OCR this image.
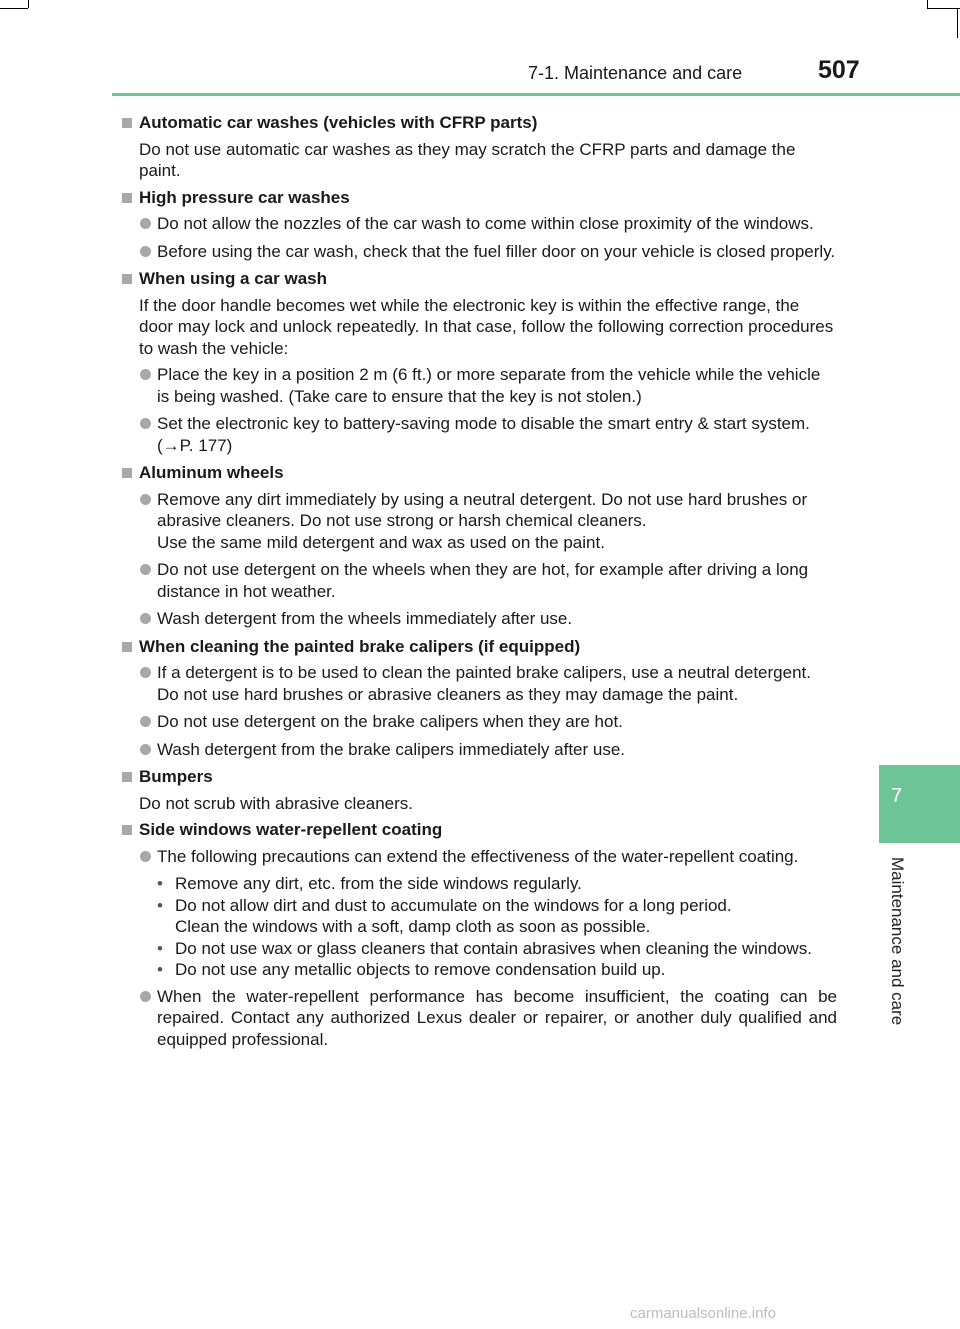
7-1. Maintenance and care	507
7
Maintenance and care
Automatic car washes (vehicles with CFRP parts)
Do not use automatic car washes as they may scratch the CFRP parts and damage the paint.
High pressure car washes
Do not allow the nozzles of the car wash to come within close proximity of the windows.
Before using the car wash, check that the fuel filler door on your vehicle is closed properly.
When using a car wash
If the door handle becomes wet while the electronic key is within the effective range, the door may lock and unlock repeatedly. In that case, follow the following correction procedures to wash the vehicle:
Place the key in a position 2 m (6 ft.) or more separate from the vehicle while the vehicle is being washed. (Take care to ensure that the key is not stolen.)
Set the electronic key to battery-saving mode to disable the smart entry & start system. (→P. 177)
Aluminum wheels
Remove any dirt immediately by using a neutral detergent. Do not use hard brushes or abrasive cleaners. Do not use strong or harsh chemical cleaners.
Use the same mild detergent and wax as used on the paint.
Do not use detergent on the wheels when they are hot, for example after driving a long distance in hot weather.
Wash detergent from the wheels immediately after use.
When cleaning the painted brake calipers (if equipped)
If a detergent is to be used to clean the painted brake calipers, use a neutral detergent. Do not use hard brushes or abrasive cleaners as they may damage the paint.
Do not use detergent on the brake calipers when they are hot.
Wash detergent from the brake calipers immediately after use.
Bumpers
Do not scrub with abrasive cleaners.
Side windows water-repellent coating
The following precautions can extend the effectiveness of the water-repellent coating.
• Remove any dirt, etc. from the side windows regularly.
• Do not allow dirt and dust to accumulate on the windows for a long period.
Clean the windows with a soft, damp cloth as soon as possible.
• Do not use wax or glass cleaners that contain abrasives when cleaning the windows.
• Do not use any metallic objects to remove condensation build up.
When the water-repellent performance has become insufficient, the coating can be repaired. Contact any authorized Lexus dealer or repairer, or another duly qualified and equipped professional.
carmanualsonline.info
